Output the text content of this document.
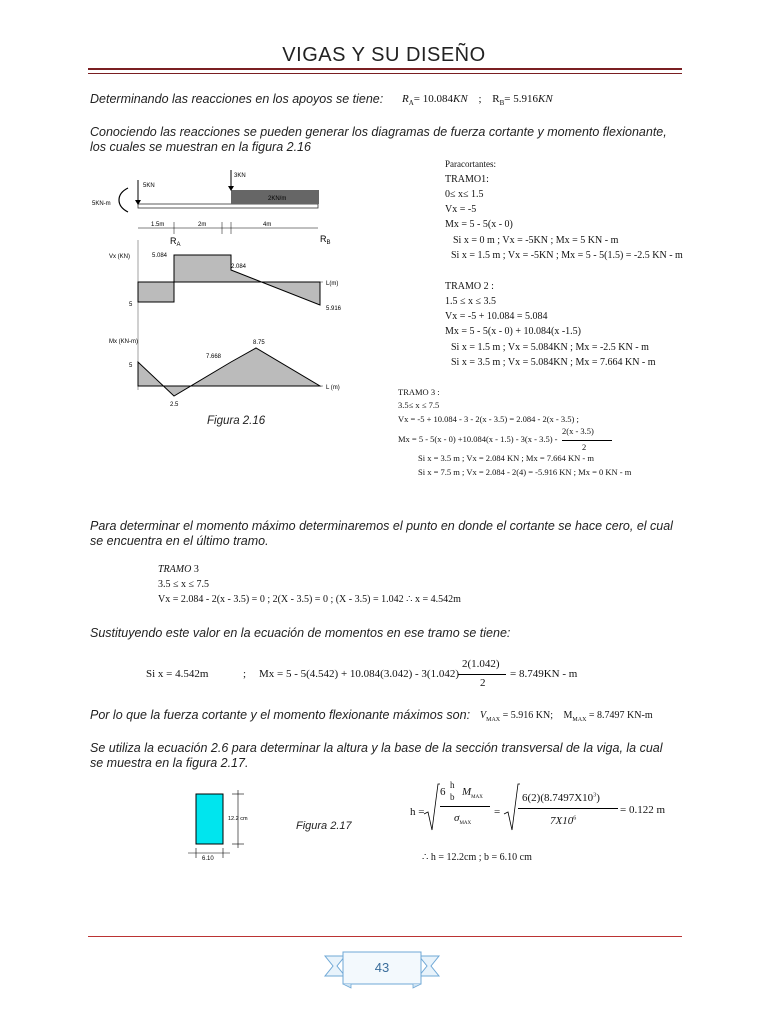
VIGAS Y SU DISEÑO
Determinando las reacciones en los apoyos se tiene: $R_A= 10.084KN$ ; $R_B= 5.916KN$
Conociendo las reacciones se pueden generar los diagramas de fuerza cortante y momento flexionante,
los cuales se muestran en la figura 2.16
2KN/m
5KN
3KN
5KN-m
1.5m	2m	4m
$R_A$
$R_B$
Vx (KN)	5.084
2.084
5
5.916
L(m)
Mx (KN-m)	8.75
7.668
5
2.5
L (m)
Figura 2.16
Paracortantes:
TRAMO1:
0≤ x≤ 1.5
Vx = -5
Mx = 5 - 5(x - 0)
Si x = 0 m ; Vx = -5KN ; Mx = 5 KN - m
Si x = 1.5 m ; Vx = -5KN ; Mx = 5 - 5(1.5) = -2.5 KN - m
TRAMO 2 :
1.5 ≤ x ≤ 3.5
Vx = -5 + 10.084 = 5.084
Mx = 5 - 5(x - 0) + 10.084(x -1.5)
Si x = 1.5 m ; Vx = 5.084KN ; Mx = -2.5 KN - m
Si x = 3.5 m ; Vx = 5.084KN ; Mx = 7.664 KN - m
TRAMO 3 :
3.5≤ x ≤ 7.5
Vx = -5 + 10.084 - 3 - 2(x - 3.5) = 2.084 - 2(x - 3.5) ;
2(x - 3.5)
Mx = 5 - 5(x - 0) +10.084(x - 1.5) - 3(x - 3.5) -
2
Si x = 3.5 m ; Vx = 2.084 KN ; Mx = 7.664 KN - m
Si x = 7.5 m ; Vx = 2.084 - 2(4) = -5.916 KN ; Mx = 0 KN - m
Para determinar el momento máximo determinaremos el punto en donde el cortante se hace cero, el cual
se encuentra en el último tramo.
TRAMO 3
3.5 ≤ x ≤ 7.5
Vx = 2.084 - 2(x - 3.5) = 0 ; 2(X - 3.5) = 0 ; (X - 3.5) = 1.042 ∴ x = 4.542m
Sustituyendo este valor en la ecuación de momentos en ese tramo se tiene:
Si x = 4.542m	; Mx = 5 - 5(4.542) + 10.084(3.042) - 3(1.042) -
2(1.042)
2
= 8.749KN - m
Por lo que la fuerza cortante y el momento flexionante máximos son: $V_{MAX} = 5.916$ KN; $M_{MAX} = 8.7497$ KN-m
Se utiliza la ecuación 2.6 para determinar la altura y la base de la sección transversal de la viga, la cual
se muestra en la figura 2.17.
12.2 cm
6.10
Figura 2.17
h =
6
h
b $M_{MAX}$
$\sigma_{MAX}$
=
$6(2)(8.7497X10^3)$
$7X10^6$
= 0.122 m
∴ h = 12.2cm ; b = 6.10 cm
43
